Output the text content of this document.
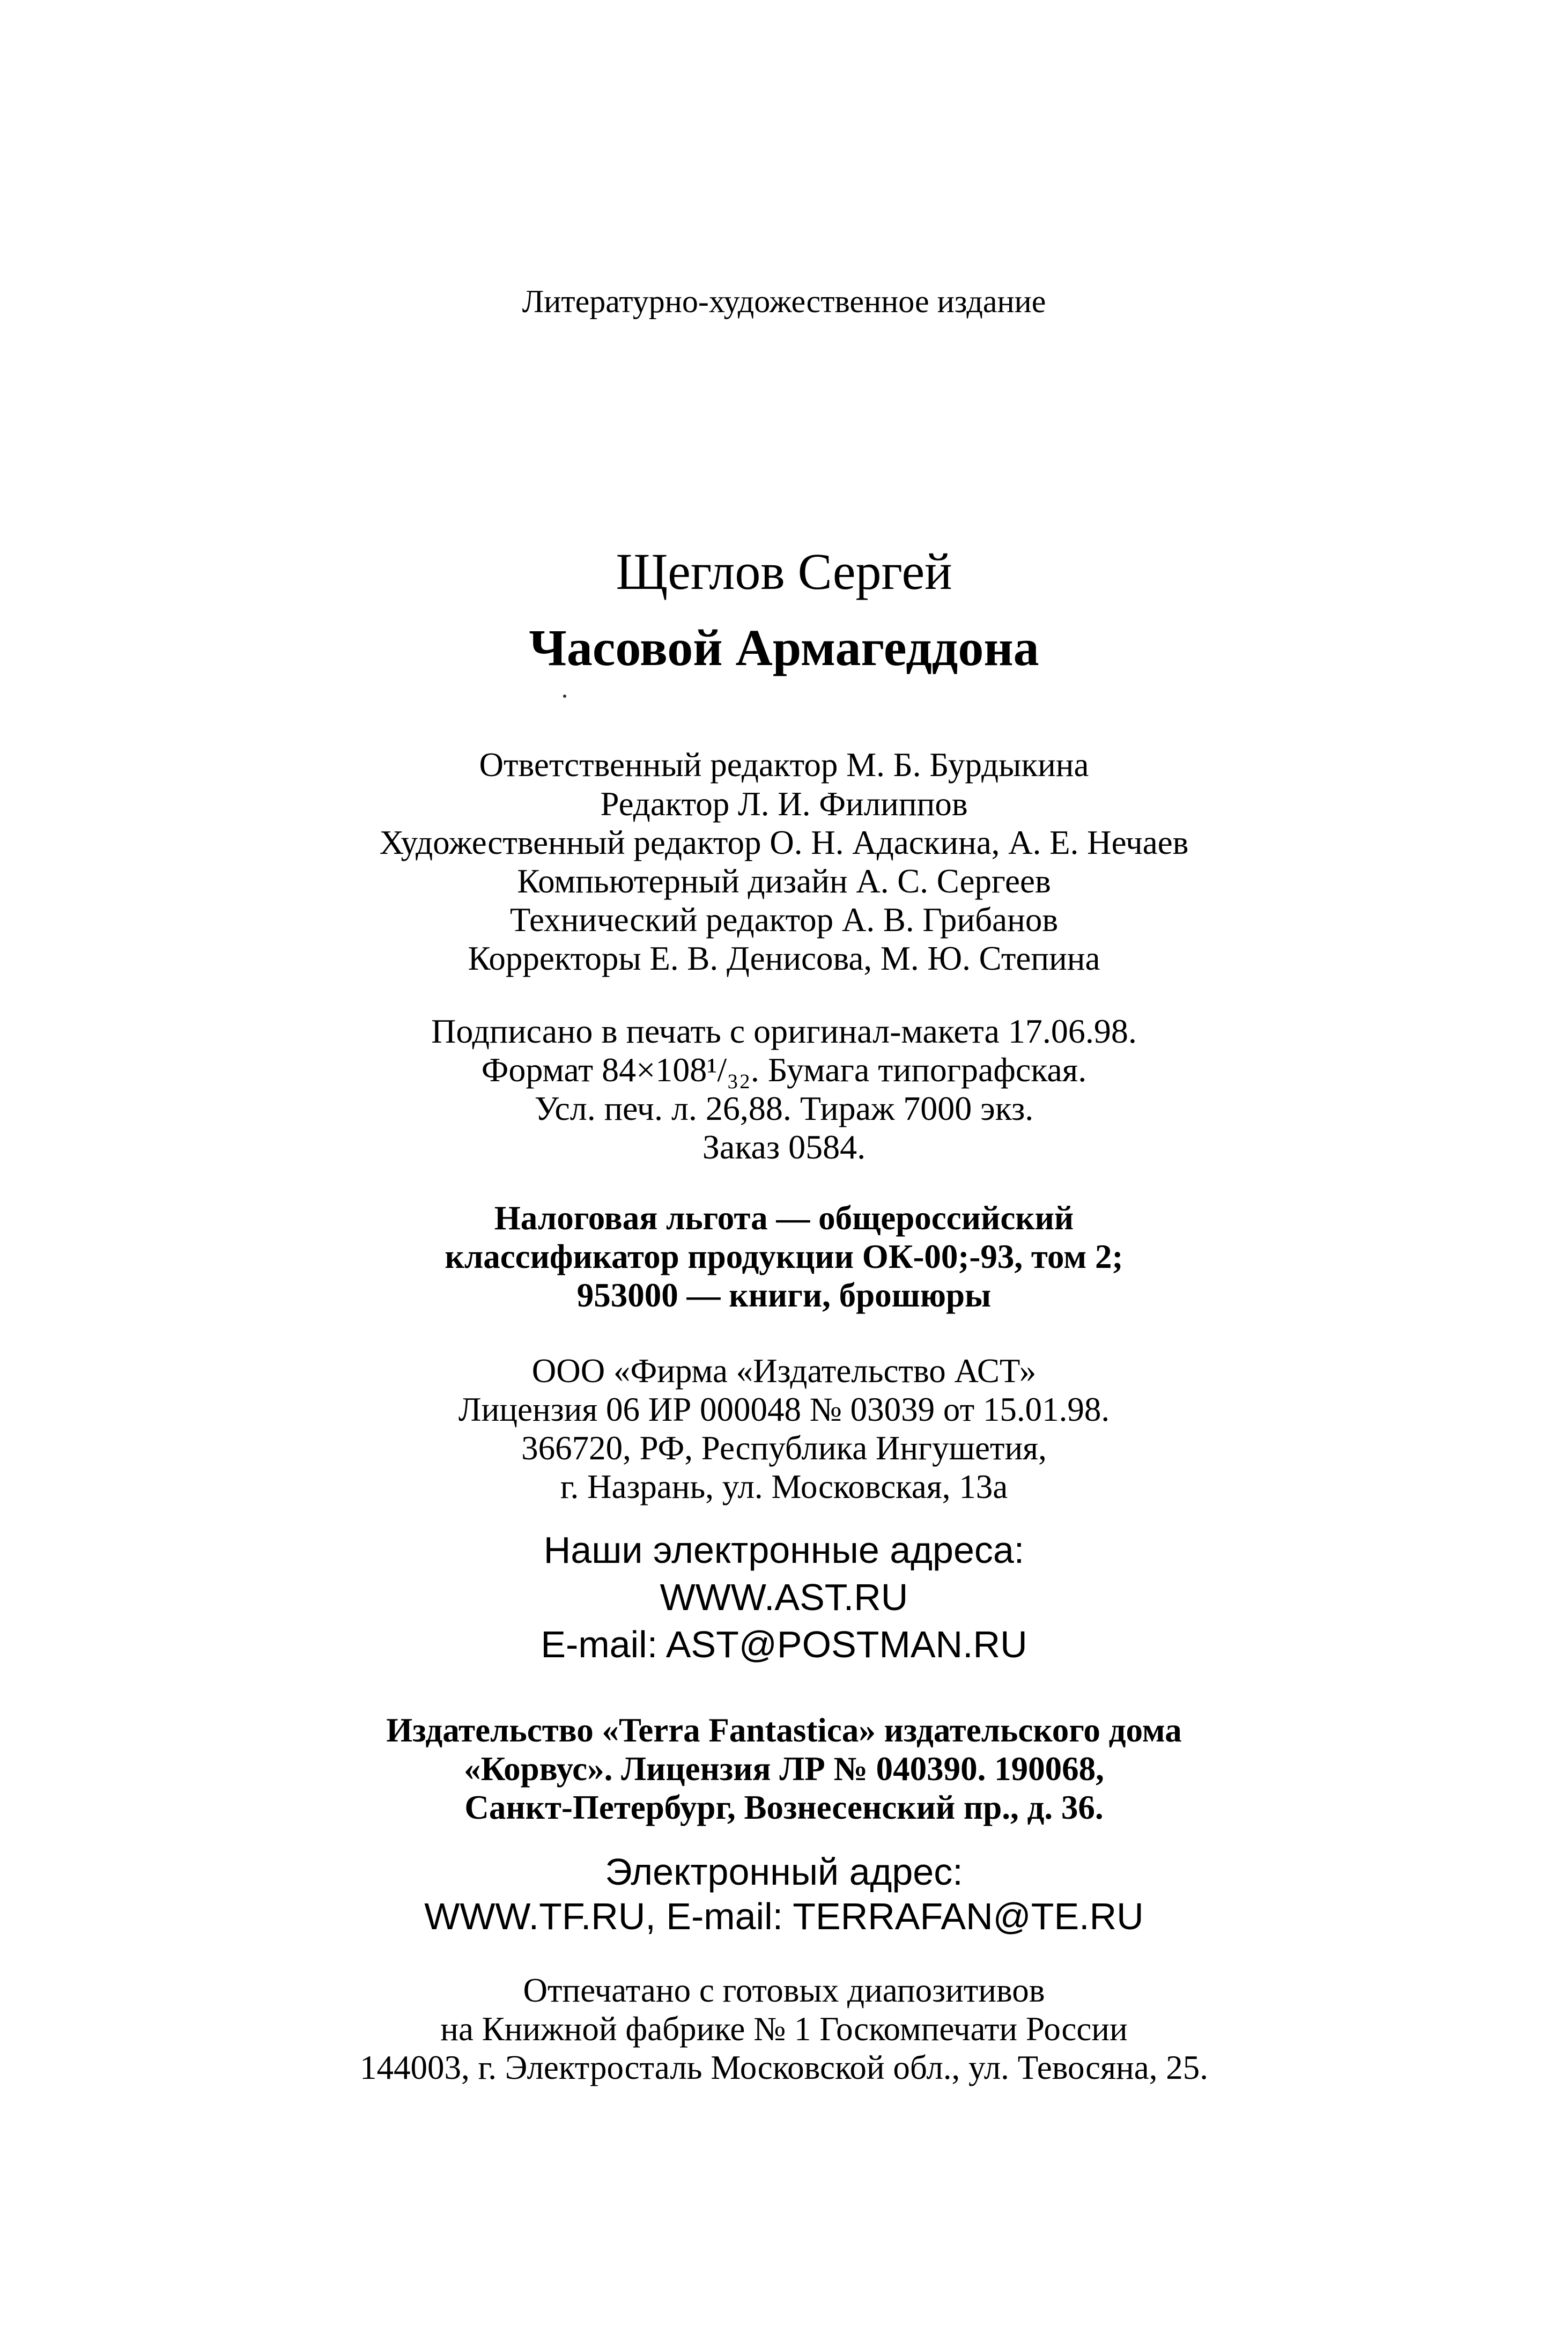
Литературно-художественное издание
Щеглов Сергей
Часовой Армагеддона
Ответственный редактор М. Б. Бурдыкина
Редактор Л. И. Филиппов
Художественный редактор О. Н. Адаскина, А. Е. Нечаев
Компьютерный дизайн А. С. Сергеев
Технический редактор А. В. Грибанов
Корректоры Е. В. Денисова, М. Ю. Степина
Подписано в печать с оригинал-макета 17.06.98.
Формат 84×108¹/₃₂. Бумага типографская.
Усл. печ. л. 26,88. Тираж 7000 экз.
Заказ 0584.
Налоговая льгота — общероссийский
классификатор продукции ОК-00;-93, том 2;
953000 — книги, брошюры
ООО «Фирма «Издательство АСТ»
Лицензия 06 ИР 000048 № 03039 от 15.01.98.
366720, РФ, Республика Ингушетия,
г. Назрань, ул. Московская, 13а
Наши электронные адреса:
WWW.AST.RU
E-mail: AST@POSTMAN.RU
Издательство «Terra Fantastica» издательского дома
«Корвус». Лицензия ЛР № 040390. 190068,
Санкт-Петербург, Вознесенский пр., д. 36.
Электронный адрес:
WWW.TF.RU, E-mail: TERRAFAN@TE.RU
Отпечатано с готовых диапозитивов
на Книжной фабрике № 1 Госкомпечати России
144003, г. Электросталь Московской обл., ул. Тевосяна, 25.
